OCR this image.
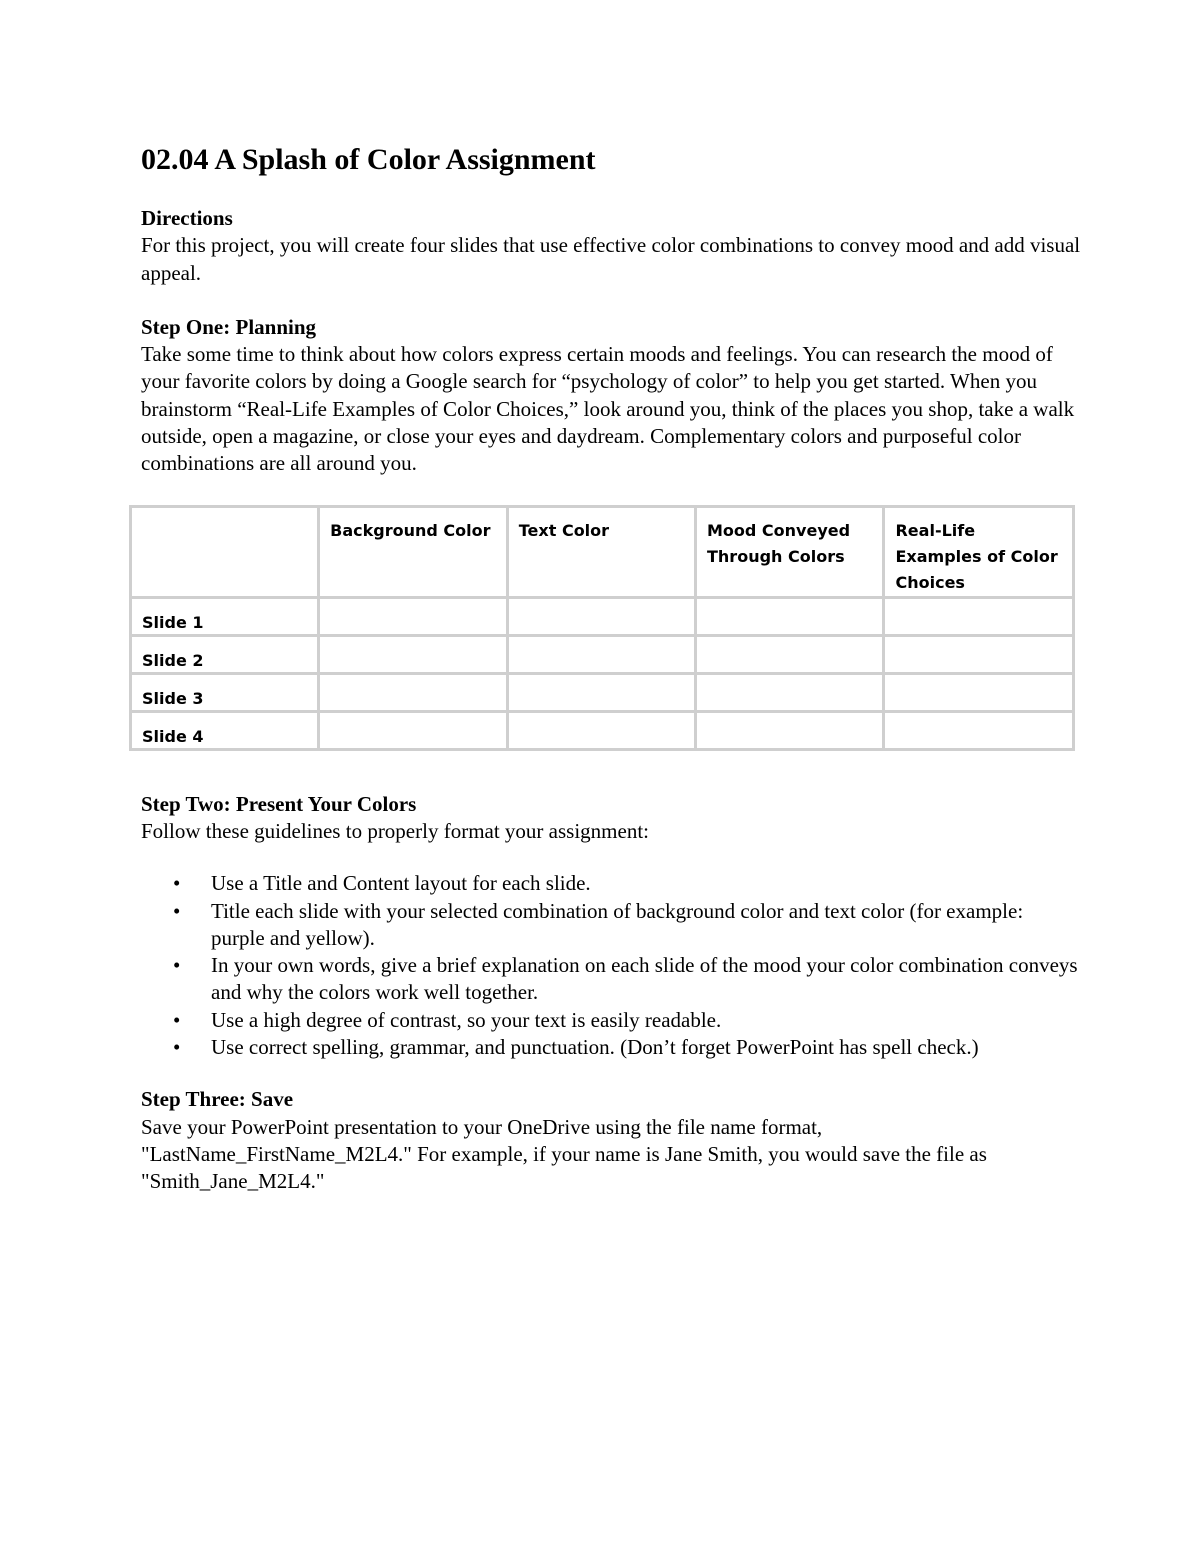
02.04 A Splash of Color Assignment

Directions

For this project, you will create four slides that use effective color combinations to convey mood and add visual appeal.

Step One: Planning

Take some time to think about how colors express certain moods and feelings. You can research the mood of your favorite colors by doing a Google search for “psychology of color” to help you get started. When you brainstorm “Real-Life Examples of Color Choices,” look around you, think of the places you shop, take a walk outside, open a magazine, or close your eyes and daydream. Complementary colors and purposeful color combinations are all around you.

	Background Color	Text Color	Mood Conveyed Through Colors	Real-Life Examples of Color Choices
Slide 1				
Slide 2				
Slide 3				
Slide 4				

Step Two: Present Your Colors

Follow these guidelines to properly format your assignment:

• Use a Title and Content layout for each slide.
• Title each slide with your selected combination of background color and text color (for example: purple and yellow).
• In your own words, give a brief explanation on each slide of the mood your color combination conveys and why the colors work well together.
• Use a high degree of contrast, so your text is easily readable.
• Use correct spelling, grammar, and punctuation. (Don’t forget PowerPoint has spell check.)

Step Three: Save

Save your PowerPoint presentation to your OneDrive using the file name format, "LastName_FirstName_M2L4." For example, if your name is Jane Smith, you would save the file as "Smith_Jane_M2L4."
